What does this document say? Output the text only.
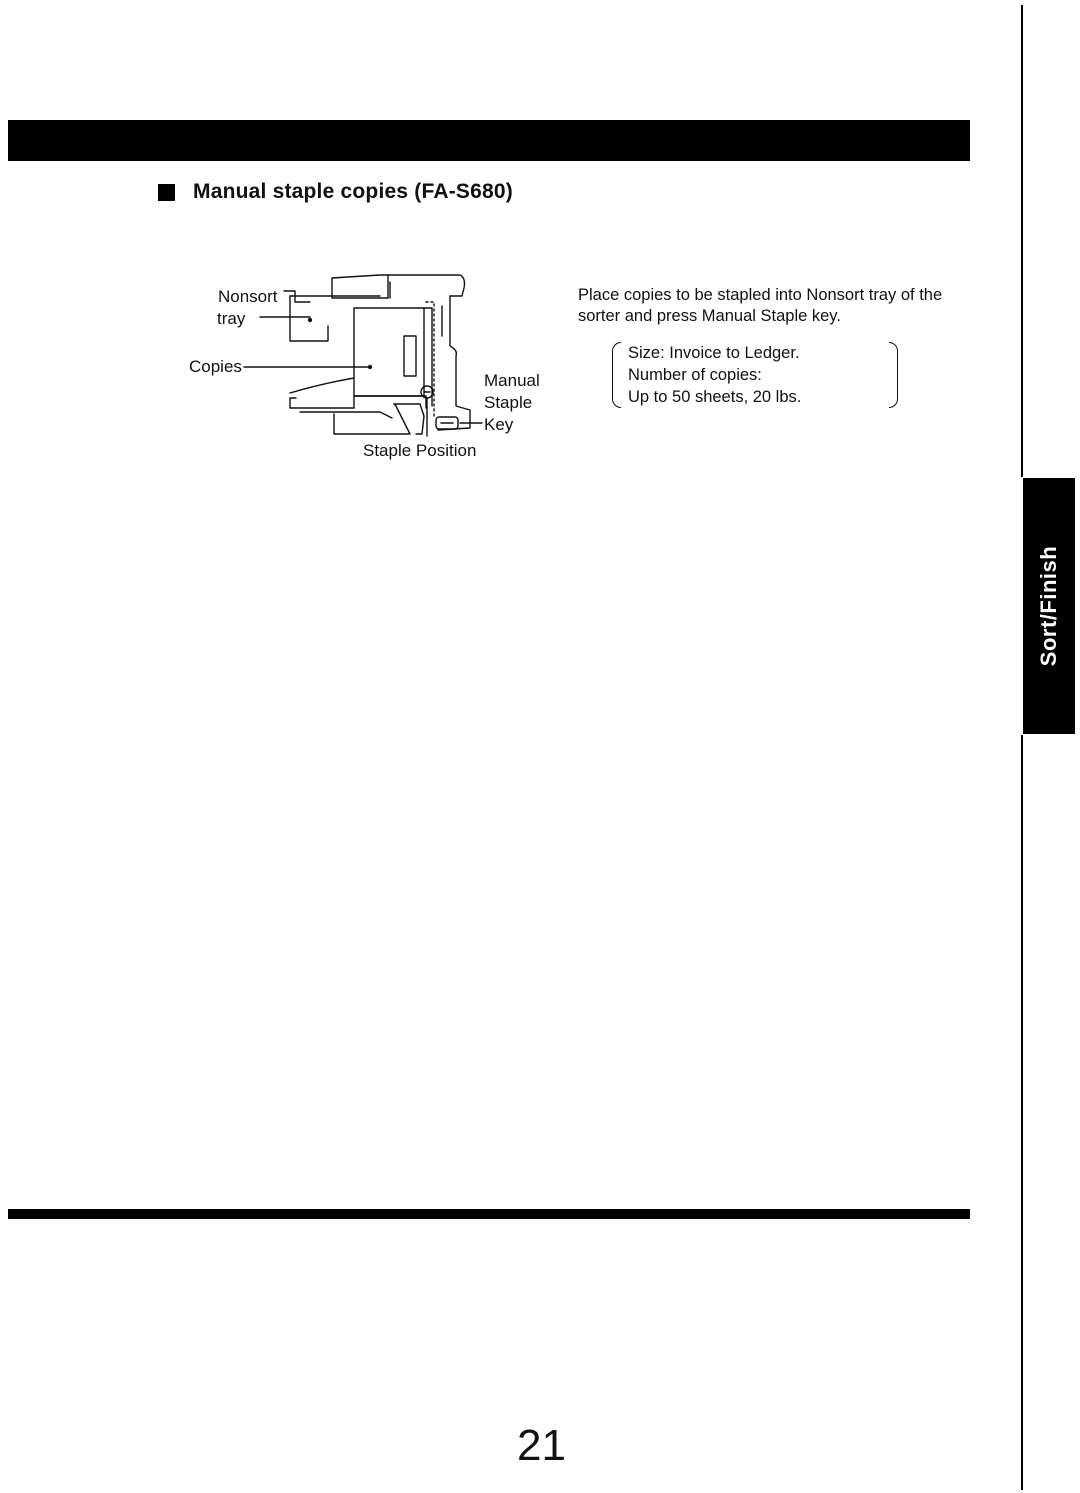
Sort/Finish
Manual staple copies (FA-S680)
Nonsort
tray
Copies
Manual
Staple
Key
Staple Position

Place copies to be stapled into Nonsort tray of the sorter and press Manual Staple key.

Size: Invoice to Ledger.
Number of copies:
Up to 50 sheets, 20 lbs.
21
